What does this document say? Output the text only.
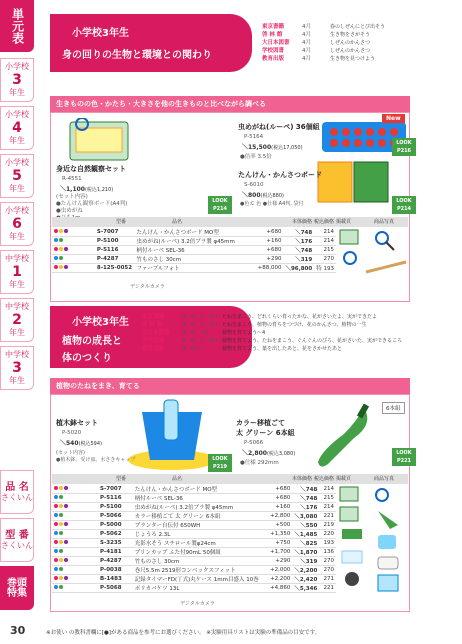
単元表
小学校
3
年生
小学校
4
年生
小学校
5
年生
小学校
6
年生
中学校
1
年生
中学校
2
年生
中学校
3
年生
品 名
さくいん
型 番
さくいん
巻頭
特集
小学校3年生
身の回りの生物と環境との関わり
東京書籍	4月	春のしぜんにとび出そう
啓 林 館	4月	生き物をさがそう
大日本図書	4月	しぜんのかんさつ
学校図書	4月	しぜんのかんさつ
教育出版	4月	生き物を見つけよう
生きものの色・かたち・大きさを他の生きものと比べながら調べる
身近な自然観察セット
R-4551
＼1,100(税込1,210)
(セット内容)
●たんけん観察ボード(A4判)
●虫めがね
LOOK P214
New
虫めがね(ルーペ) 36個組
P-5164
＼15,500(税込17,050)
●倍率 3.5倍
LOOK P216
たんけん・かんさつボード
S-6010
＼800(税込880)
●色:C 色 ●仕様 A4判, 袋付	LOOK P214
型番	品名	本体価格 税込価格 掲載頁	商品写真
	S-7007	たんけん・かんさつボード MO型	+680	＼748	214
	P-5100	虫めがね(ルーペ) 3.2倍ブラ製 φ45mm	+160	＼176	214
	P-5116	柄付ルーペ SEL-36	+680	＼748	215
	P-4287	竹ものさし 30cm	+290	＼319	270
	8-125-0052	ファーブルフォト	+88,000	＼96,800	特 193
デジタルカメラ
小学校3年生
植物の成長と
体のつくり
東京書籍	4、6、7、9月	たねをまこう、どれくらい育ったかな、花がさいたよ、実ができたよ
啓 林 館	4、6、7、9月	たねをまこう、植物の育ちをつづけ、花のかんさつ、植物の一生
大日本図書	4、6、7月	植物を育てよう〜4
学校図書	5、6、7、9月	植物を育てよう、たねをまこう、ぐんぐんのびろ、花がさいた、実ができるころ
教育出版	4、9月	植物を育てよう、葉を出したあと、花をさかせたあと
植物のたねをまき、育てる
植木鉢セット
P-5020
＼540(税込594)
(セット内容)
●植木鉢、受け皿、水さきキャップ	LOOK P219
6本組
カラー移植ごて
太 グリーン 6本組
P-5066
＼2,800(税込3,080)
●仕様 292mm
LOOK P221
型番	品名	本体価格 税込価格 掲載頁	商品写真
	S-7007	たんけん・かんさつボード MO型	+680	＼748	214
	P-5116	柄付ルーペ SEL-36	+680	＼748	215
	P-5100	虫めがね(ルーペ) 3.2倍ブラ製 φ45mm	+160	＼176	214
	P-5066	カラー移植ごて 太 グリーン 6本組	+2,800	＼3,080	221
	P-5000	プランター自伝付 650WH	+500	＼550	219
	P-5062	じょうろ 2.3L	+1,350	＼1,485	220
	S-3235	光影水そう スチロール製φ24cm	+750	＼825	193
	P-4181	プリンカップ ふた付90mL 50個組	+1,700	＼1,870	136
	P-4287	竹ものさし 30cm	+290	＼319	270
	P-0038	巻尺5.5m 2519形コンベックスフィット	+2,000	＼2,200	270
	B-1483	記録タイマーFD(丁式)丸ケース 1mm目盛入 10巻	+2,200	＼2,420	271
	P-5068	ポリカバケツ 13L	+4,860	＼5,346	221
デジタルカメラ
30	※お使い の教科書欄に[●]がある商品を参考にお選びください。 ※実験用具リストは実験の準備品の目安です。
